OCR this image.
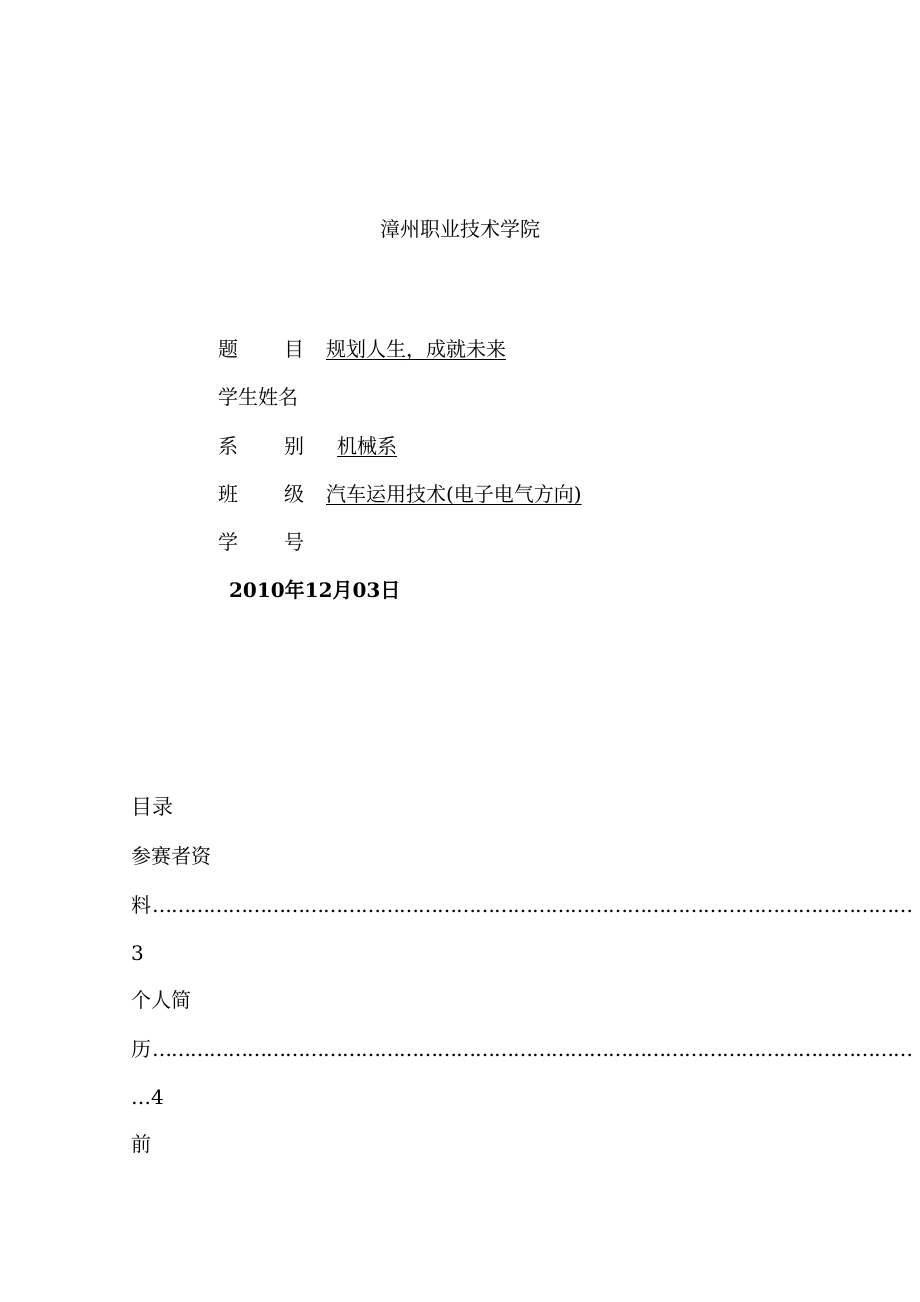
漳州职业技术学院
题 目 规划人生，成就未来
学生姓名
系 别 机械系
班 级 汽车运用技术(电子电气方向)
学 号
2010年12月03日
目录
参赛者资
料 …………………………………………………………………………………………………………
3
个人简
历 …………………………………………………………………………………………………………
…4
前
